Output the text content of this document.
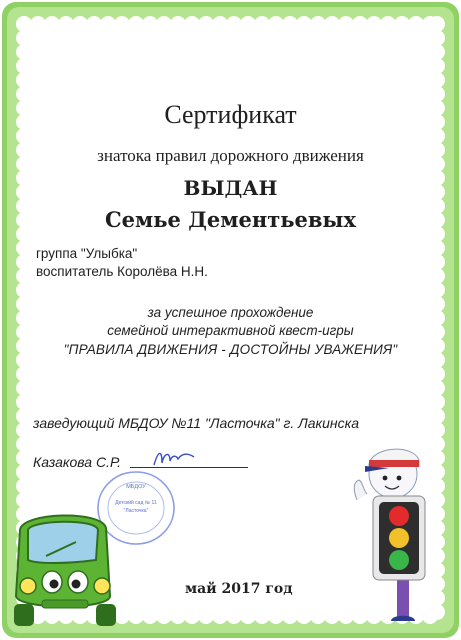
Сертификат
знатока правил дорожного движения
ВЫДАН
Семье Дементьевых
группа "Улыбка"
воспитатель Королёва Н.Н.
за успешное прохождение
семейной интерактивной квест-игры
"ПРАВИЛА ДВИЖЕНИЯ - ДОСТОЙНЫ УВАЖЕНИЯ"
заведующий МБДОУ №11 "Ласточка" г. Лакинска
Казакова С.Р.
МБДОУ
Детский сад № 11
"Ласточка"
май 2017 год
